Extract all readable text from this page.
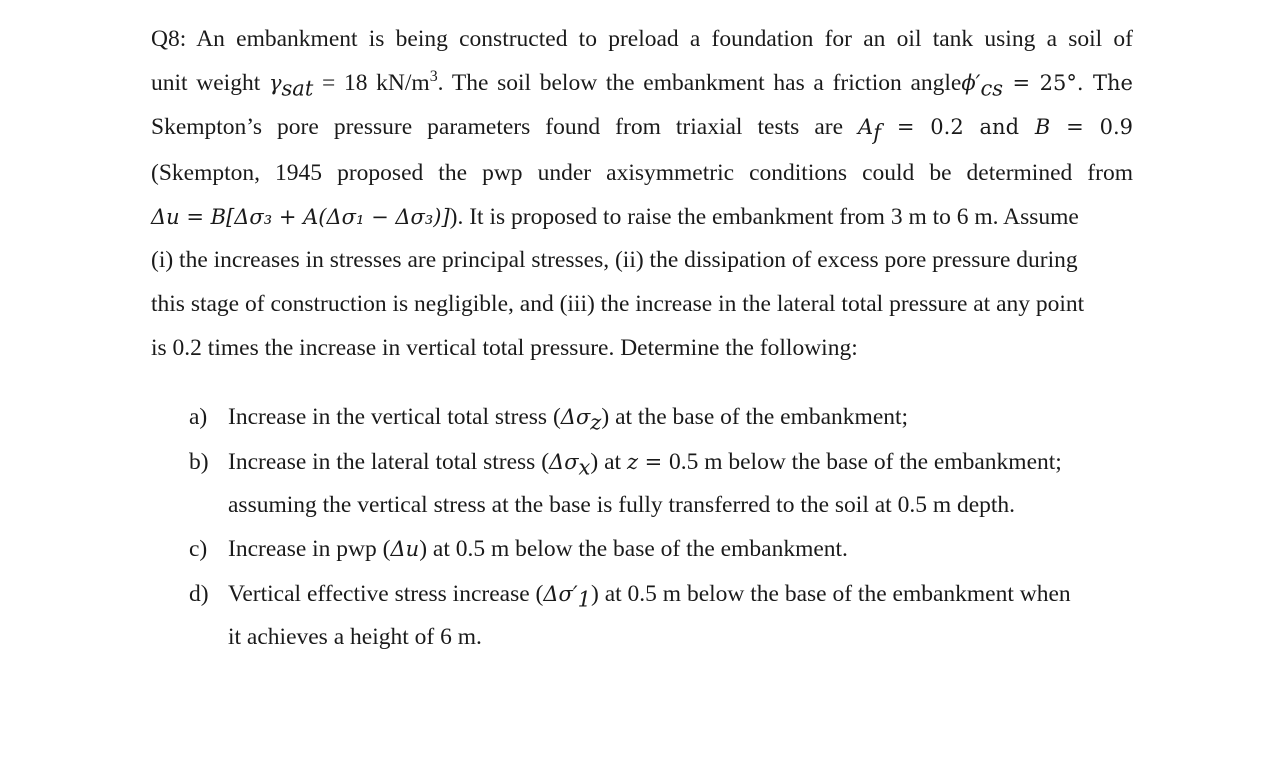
Q8: An embankment is being constructed to preload a foundation for an oil tank using a soil of
unit weight $\gamma_{sat} = 18$ $kN/m^3$. The soil below the embankment has a friction $angle\phi'_{cs} = 25^\circ$. The
Skempton’s pore pressure parameters found from triaxial tests are $A_f = 0.2$ and B = 0.9
(Skempton, 1945 proposed the pwp under axisymmetric conditions could be determined from
Δu = B[Δσ₃ + A(Δσ₁ − Δσ₃)]). It is proposed to raise the embankment from 3 m to 6 m. Assume
(i) the increases in stresses are principal stresses, (ii) the dissipation of excess pore pressure during
this stage of construction is negligible, and (iii) the increase in the lateral total pressure at any point
is 0.2 times the increase in vertical total pressure. Determine the following:
a) Increase in the vertical total stress $(\Delta\sigma_z)$ at the base of the embankment;
b) Increase in the lateral total stress $(\Delta\sigma_x)$ at z = 0.5 m below the base of the embankment;
assuming the vertical stress at the base is fully transferred to the soil at 0.5 m depth.
c) Increase in pwp (Δu) at 0.5 m below the base of the embankment.
d) Vertical effective stress increase $(\Delta\sigma'_1)$ at 0.5 m below the base of the embankment when
it achieves a height of 6 m.
